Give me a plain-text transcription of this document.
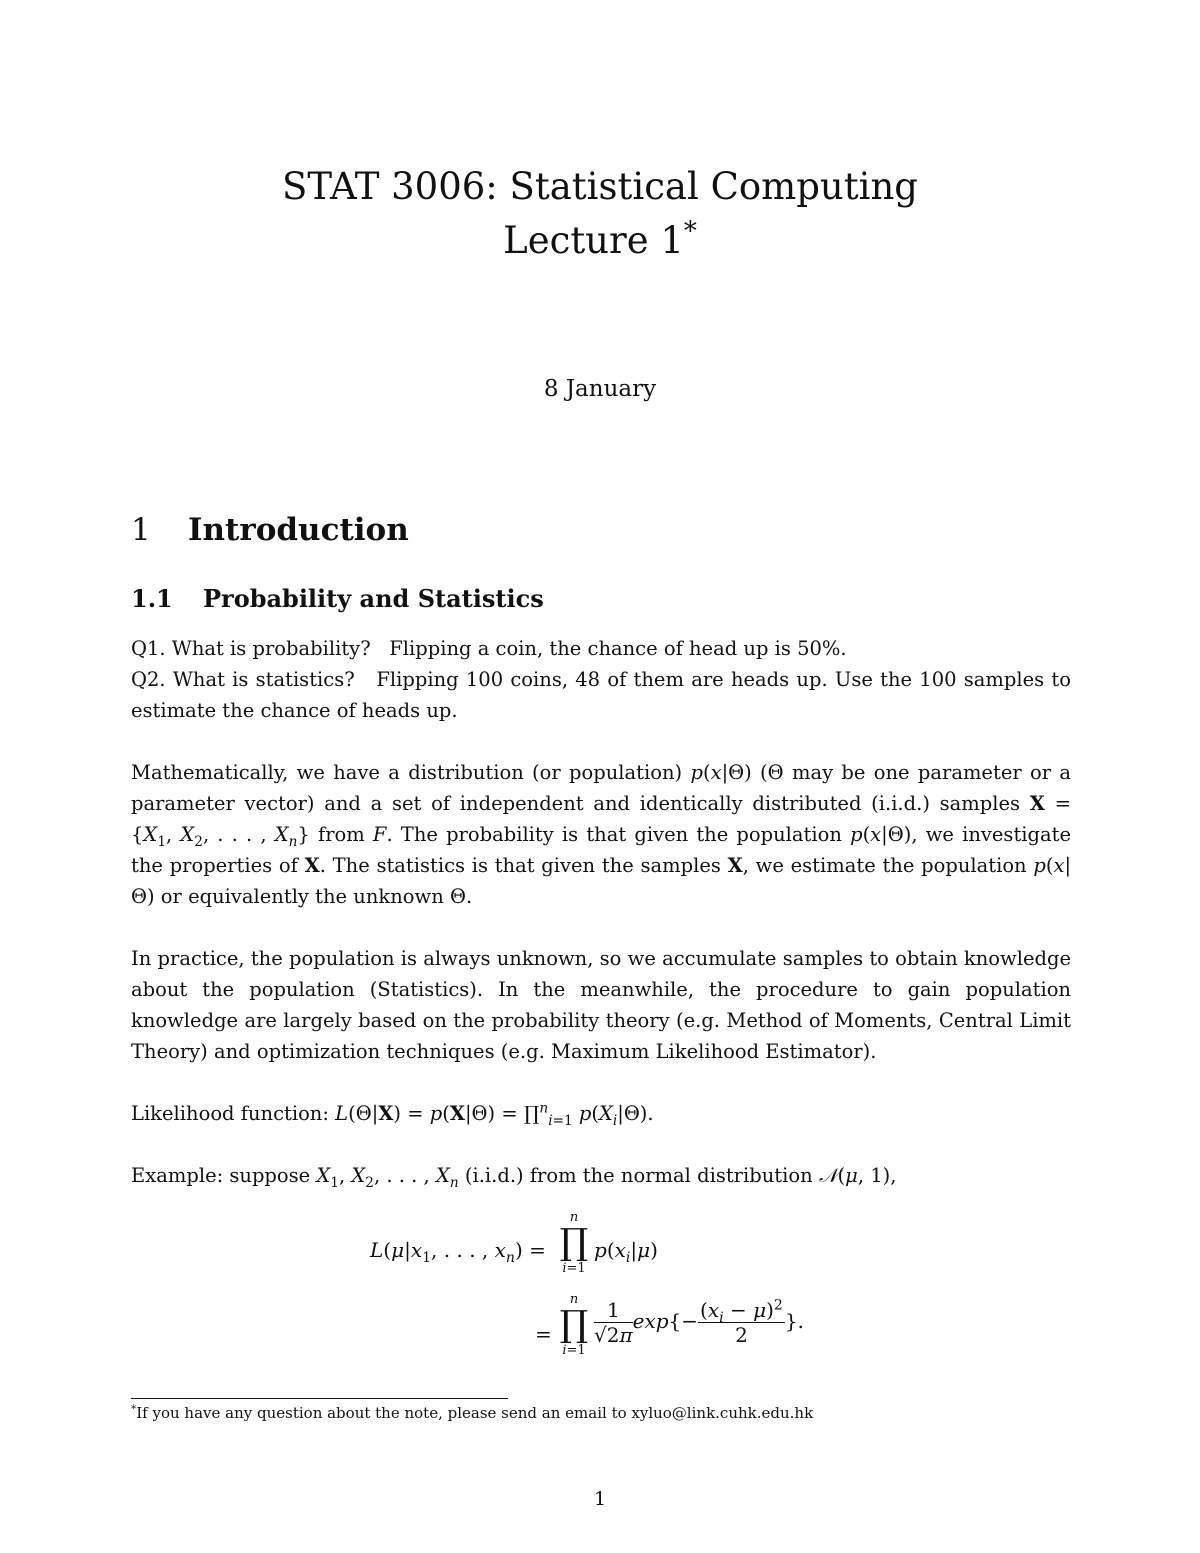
STAT 3006: Statistical Computing
Lecture 1*
8 January
1 Introduction
1.1 Probability and Statistics

Q1. What is probability? Flipping a coin, the chance of head up is 50%.

Q2. What is statistics? Flipping 100 coins, 48 of them are heads up. Use the 100 samples to estimate the chance of heads up.

Mathematically, we have a distribution (or population) p(x|Θ) (Θ may be one parameter or a parameter vector) and a set of independent and identically distributed (i.i.d.) samples $X = \{X_1$, $X_2$, . . . , $X_n$} from F. The probability is that given the population p(x|Θ), we investigate the properties of X. The statistics is that given the samples X, we estimate the population p(x|Θ) or equivalently the unknown Θ.

In practice, the population is always unknown, so we accumulate samples to obtain knowledge about the population (Statistics). In the meanwhile, the procedure to gain population knowledge are largely based on the probability theory (e.g. Method of Moments, Central Limit Theory) and optimization techniques (e.g. Maximum Likelihood Estimator).

Likelihood function: L(Θ|X) = p(X|Θ) = ∏$^n_{i=1}$ $p(X_i|\Theta)$.

Example: suppose $X_1$, $X_2$, . . . , $X_n$ (i.i.d.) from the normal distribution 𝒩(μ, 1),

$L(\mu|x_1$, . . . , $x_n$) =
n
∏
i=1
$p(x_i|\mu)$
=
n
∏
i=1
$\frac{1}{√2\pi} \exp\{- \frac{(x_i - \mu)^2}{2}$ }.
*If you have any question about the note, please send an email to xyluo@link.cuhk.edu.hk
1
